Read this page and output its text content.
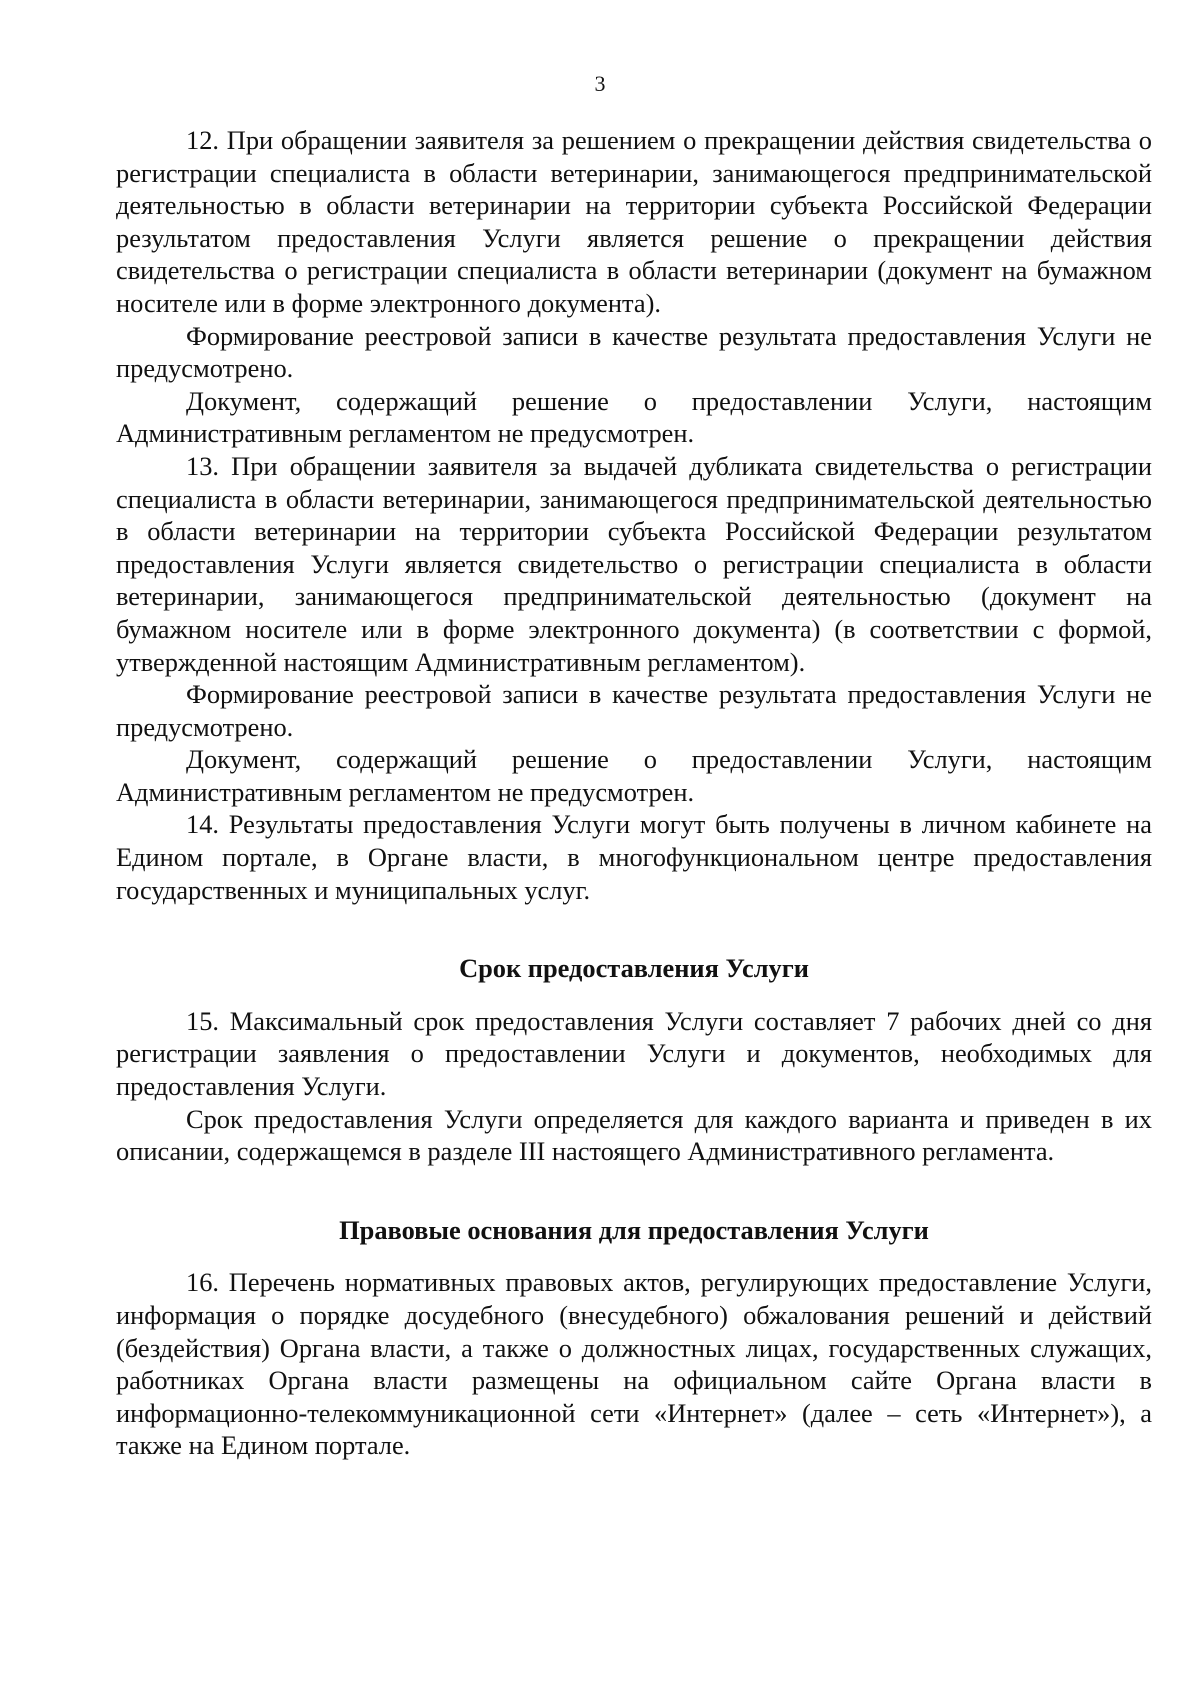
3

12. При обращении заявителя за решением о прекращении действия свидетельства о регистрации специалиста в области ветеринарии, занимающегося предпринимательской деятельностью в области ветеринарии на территории субъекта Российской Федерации результатом предоставления Услуги является решение о прекращении действия свидетельства о регистрации специалиста в области ветеринарии (документ на бумажном носителе или в форме электронного документа).

Формирование реестровой записи в качестве результата предоставления Услуги не предусмотрено.

Документ, содержащий решение о предоставлении Услуги, настоящим Административным регламентом не предусмотрен.

13. При обращении заявителя за выдачей дубликата свидетельства о регистрации специалиста в области ветеринарии, занимающегося предпринимательской деятельностью в области ветеринарии на территории субъекта Российской Федерации результатом предоставления Услуги является свидетельство о регистрации специалиста в области ветеринарии, занимающегося предпринимательской деятельностью (документ на бумажном носителе или в форме электронного документа) (в соответствии с формой, утвержденной настоящим Административным регламентом).

Формирование реестровой записи в качестве результата предоставления Услуги не предусмотрено.

Документ, содержащий решение о предоставлении Услуги, настоящим Административным регламентом не предусмотрен.

14. Результаты предоставления Услуги могут быть получены в личном кабинете на Едином портале, в Органе власти, в многофункциональном центре предоставления государственных и муниципальных услуг.

Срок предоставления Услуги

15. Максимальный срок предоставления Услуги составляет 7 рабочих дней со дня регистрации заявления о предоставлении Услуги и документов, необходимых для предоставления Услуги.

Срок предоставления Услуги определяется для каждого варианта и приведен в их описании, содержащемся в разделе III настоящего Административного регламента.

Правовые основания для предоставления Услуги

16. Перечень нормативных правовых актов, регулирующих предоставление Услуги, информация о порядке досудебного (внесудебного) обжалования решений и действий (бездействия) Органа власти, а также о должностных лицах, государственных служащих, работниках Органа власти размещены на официальном сайте Органа власти в информационно-телекоммуникационной сети «Интернет» (далее – сеть «Интернет»), а также на Едином портале.
